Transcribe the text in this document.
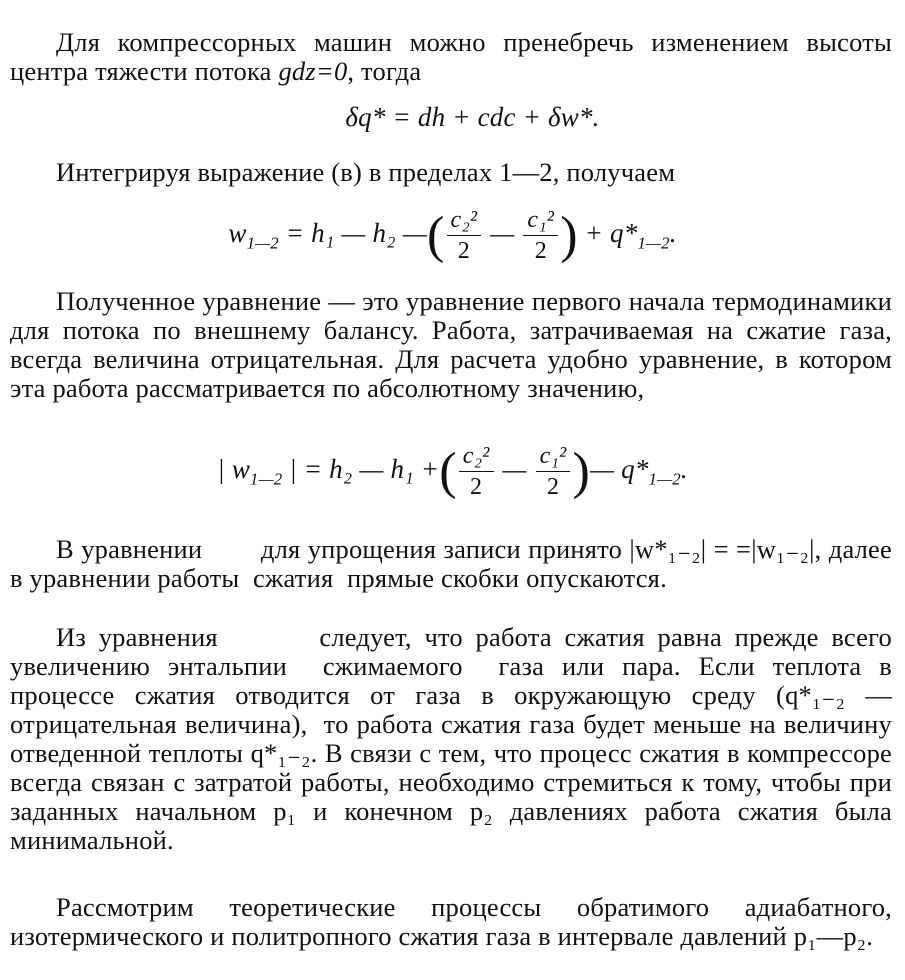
Для компрессорных машин можно пренебречь изменением высоты центра тяжести потока gdz=0, тогда

δq* = dh + cdc + δw*.

Интегрируя выражение (в) в пределах 1—2, получаем

$w_{1—2} = h_1$ — h₂ —( $\frac{\text{c₂²}}{2}$ — $\frac{\text{c₁²}}{2}$ ) + $q*_{1—2}$.

Полученное уравнение — это уравнение первого начала термодинамики для потока по внешнему балансу. Работа, затрачиваемая на сжатие газа, всегда величина отрицательная. Для расчета удобно уравнение, в котором эта работа рассматривается по абсолютному значению,

| $w_{1—2}$ | = h₂ — h₁ +( $\frac{\text{c₂²}}{2}$ — $\frac{\text{c₁²}}{2}$ )— $q*_{1—2}$.

В уравнении        для упрощения записи принято |w*₁₋₂| = =|w₁₋₂|, далее в уравнении работы  сжатия  прямые скобки опускаются.

Из уравнения        следует, что работа сжатия равна прежде всего увеличению энтальпии  сжимаемого  газа или пара. Если теплота в процессе сжатия отводится от газа в окружающую среду (q*₁₋₂ — отрицательная величина),  то работа сжатия газа будет меньше на величину отведенной теплоты q*₁₋₂. В связи с тем, что процесс сжатия в компрессоре всегда связан с затратой работы, необходимо стремиться к тому, чтобы при заданных начальном p₁ и конечном p₂ давлениях работа сжатия была минимальной.

Рассмотрим теоретические процессы обратимого адиабатного, изотермического и политропного сжатия газа в интервале давлений p₁—p₂.
